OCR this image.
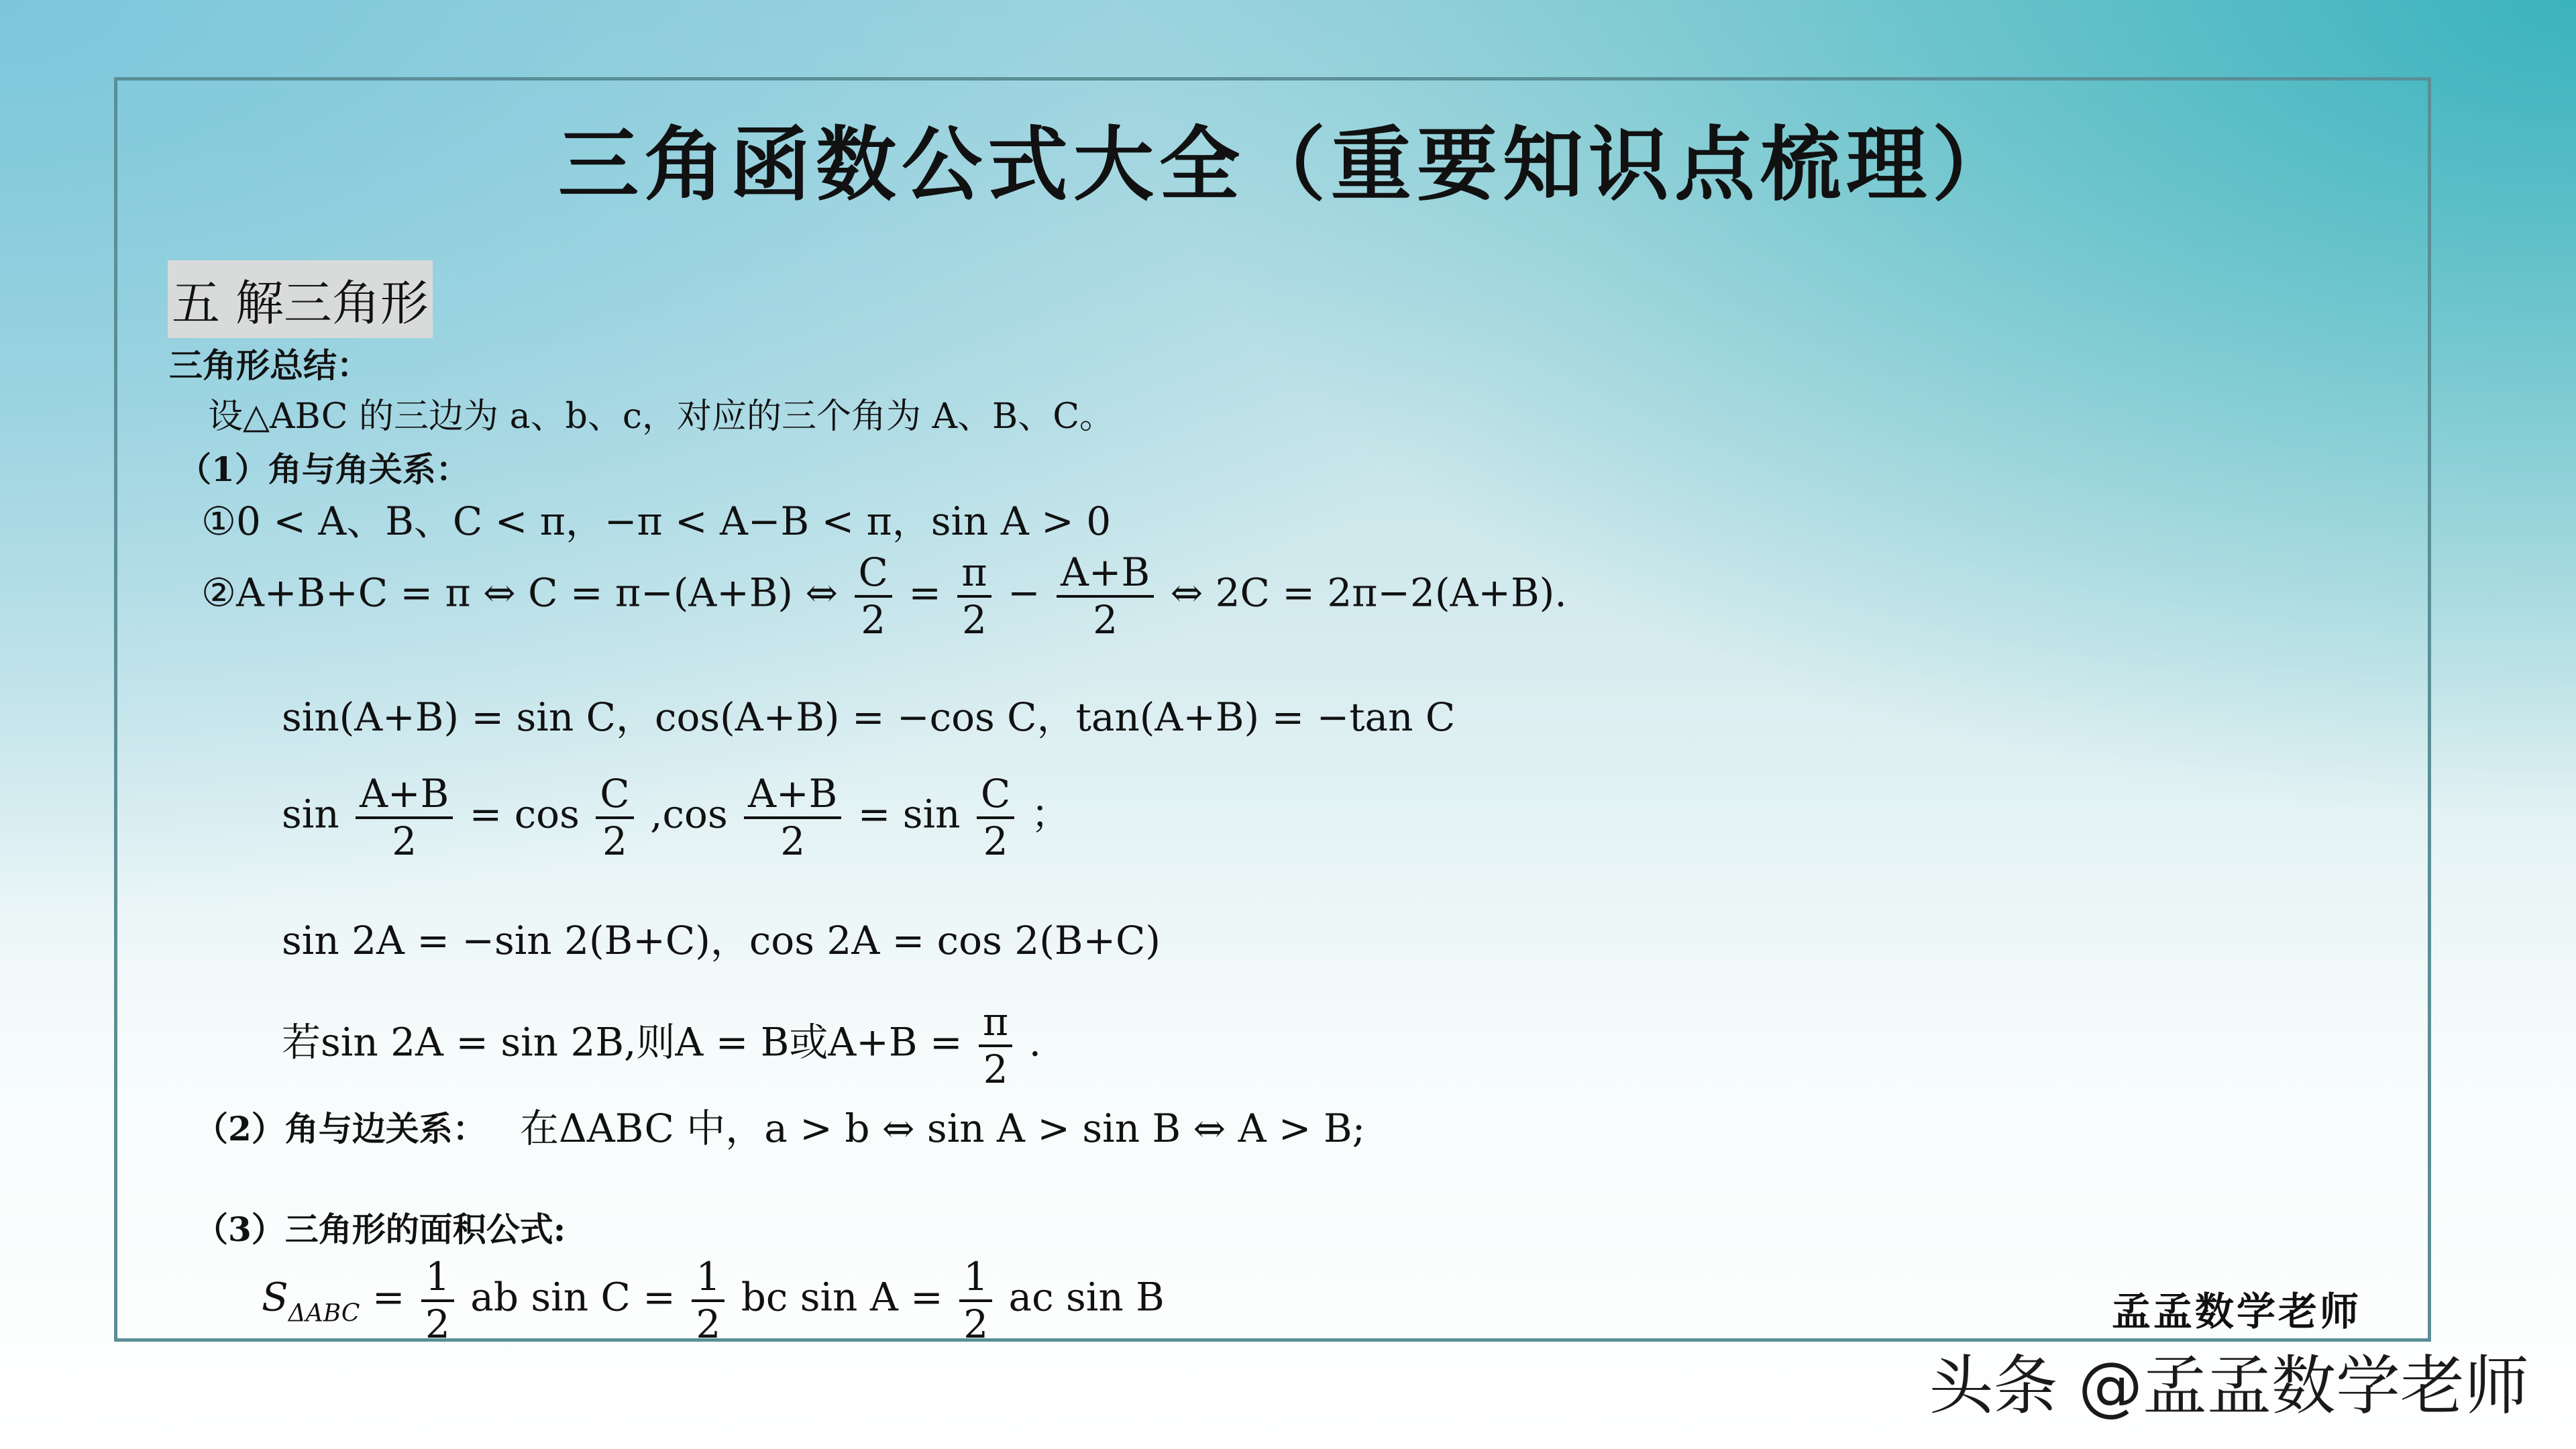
三角函数公式大全（重要知识点梳理）
五 解三角形
三角形总结：
设△ABC 的三边为 a、b、c，对应的三个角为 A、B、C。
（1）角与角关系：
①0 < A、B、C < π，−π < A−B < π，sin A > 0
②A+B+C = π ⇔ C = π−(A+B) ⇔ $\frac{C}{2} = \frac{\pi}{2} - \frac{A+B}{2}$ ⇔ 2C = 2π−2(A+B).
sin(A+B) = sin C，cos(A+B) = −cos C，tan(A+B) = −tan C
$\sin \frac{A+B}{2} = \cos \frac{C}{2} ,\cos \frac{A+B}{2} = \sin \frac{C}{2}$ ；
sin 2A = −sin 2(B+C)，cos 2A = cos 2(B+C)
若sin 2A = sin 2B,则A = B或$A+B = \frac{\pi}{2}$ .
（2）角与边关系： 在ΔABC 中，a > b ⇔ sin A > sin B ⇔ A > B;
（3）三角形的面积公式:
$S_{\Delta ABC} = \frac{1}{2}$ ab $\sin C = \frac{1}{2}$ bc $\sin A = \frac{1}{2}$ ac sin B	孟孟数学老师
头条 @孟孟数学老师
